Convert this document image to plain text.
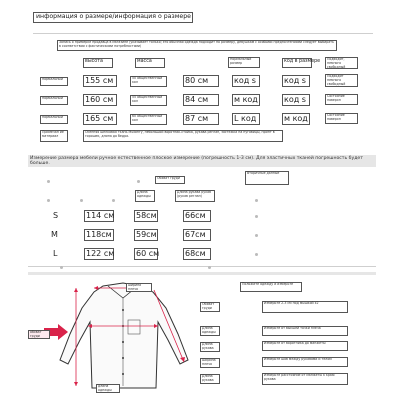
информация о размере/информация о размере
Запись о примерке продавца в магазине (указывает только; это обычная одежда подходит по размеру, девушкам с особыми предпочтениями следует выбирать в соответствии с фактическими потребностями)
высота	масса	Нормальный размер	код в размере	Подходит, немного свободный
нормальный	155 см	50 общественный кол	80 см	код s	код s	Подходит немного свободный
нормальный	160 см	55 общественный кол	84 см	м код	код s	Состояние поверхн
нормальный	165 см	60 общественный кол	87 см	L код	м код	Состояние поверхн
Примечан ие материал
Осенняя шелковая ткань Mulberry, небольшой воротник-стойка, рукава реглан, застежка на пуговицы, принт в горошек, длина до бедра.
Измерение размера мебели ручное естественное плоское измерение (погрешность 1-3 см). Для эластичных тканей погрешность будет больше.
Обхват груди
Длина одежды
Длина рукава рукав (рукав реглан)
Вторичные данные
S	114 см	58см	66см
M	118см	59см	67см
L	122 см	60 см	68см
ширина плеча
длина одежды
обхват груди
Положите одежду и измерьте
Обхват груди
Измерьте 2-3 см под мышкой х2
Длина одежды
Измерьте от высшей точки плеча
Длина рукава
Измерьте от воротника до манжеты
Ширина плеча
Измерьте шов между рукавами и телом
Длина рукава
Измерьте расстояние от манжеты к краю рукава
